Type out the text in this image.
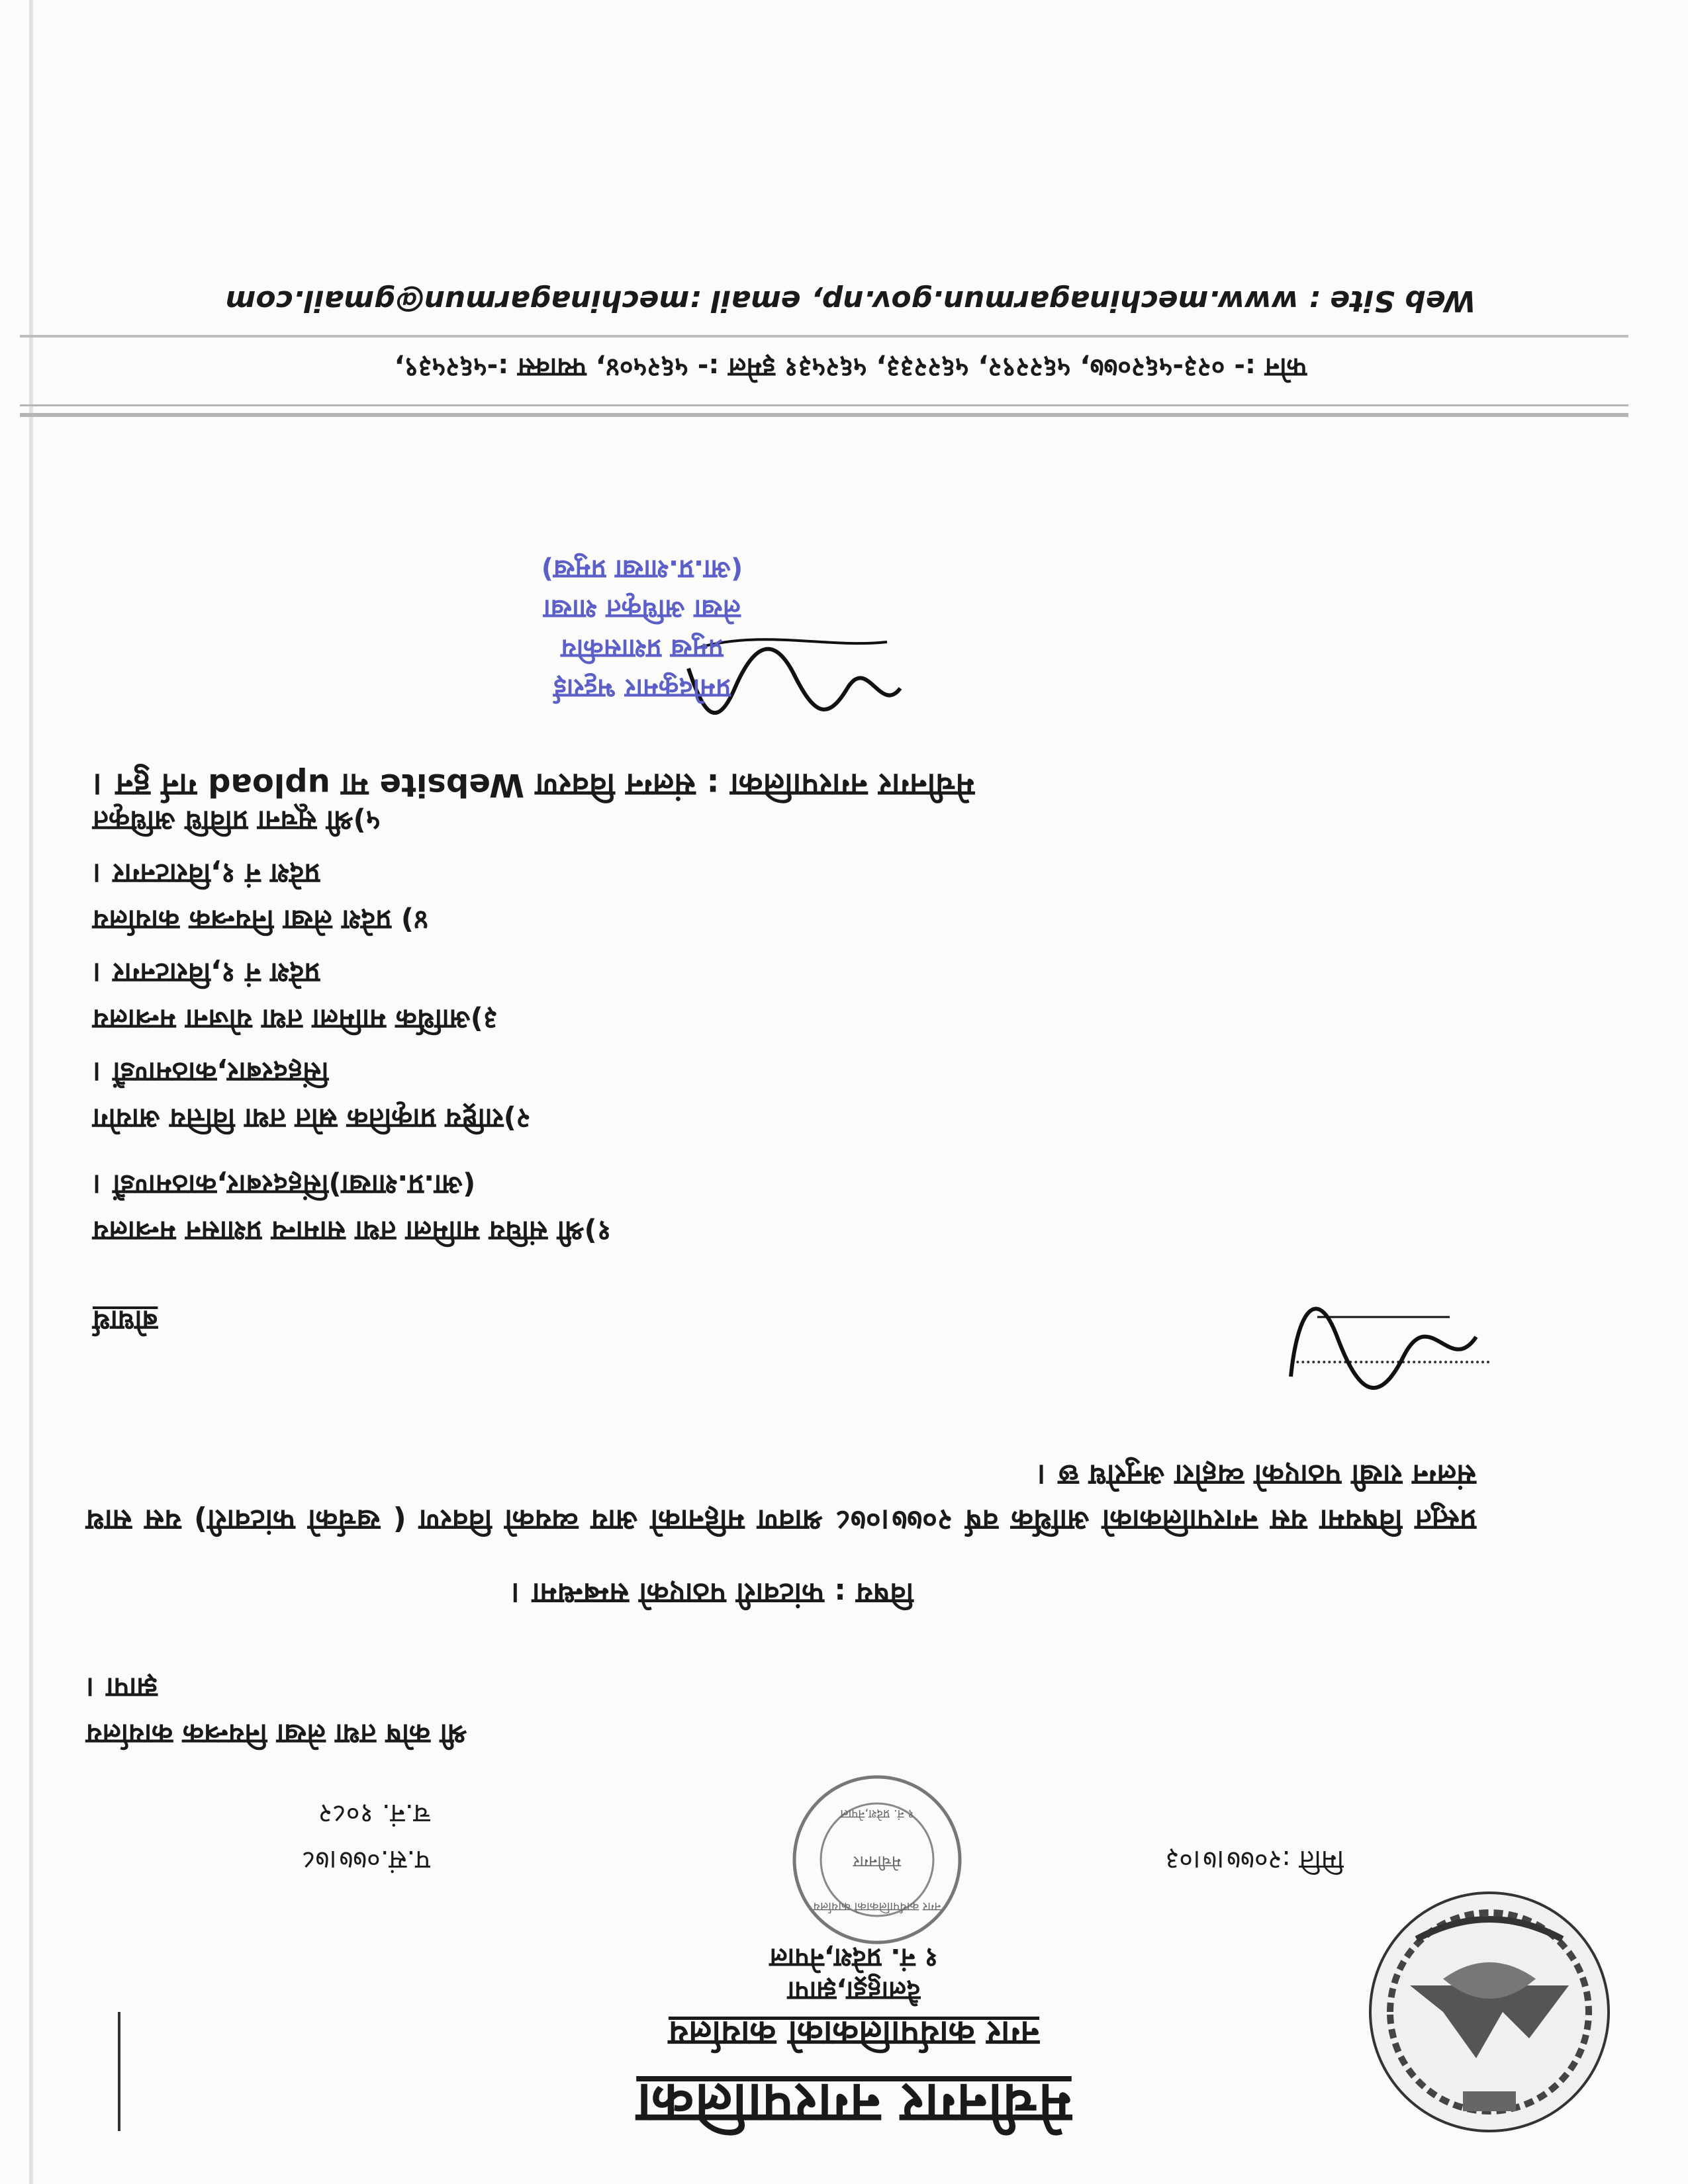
मेचीनगर नगरपालिका
नगर कार्यपालिकाको कार्यालय
दैलाहुड्रा,झापा
१ नं. प्रदेश,नेपाल
नगर कार्यपालिकाको कार्यालय
मेचीनगर
१ नं. प्रदेश,नेपाल
प.सं.०७७।७८	मिति :२०७७।७।०३
च.नं. १०८२
श्री कोष तथा लेखा नियन्त्रक कार्यालय
झापा ।
विषय : फांटवारी पठाएको सम्बन्धमा ।
प्रस्तुत विषयमा यस नगरपालिकाको आर्थिक वर्ष २०७७।०७८ श्रावण महिनाको आय व्ययको विवरण ( खर्चको फांटवारी) यस साथ संलग्न राखी पठाएको व्यहोरा अनुरोध छ ।
बोधार्थ
१)श्री संघिय मामिला तथा सामान्य प्रशासन मन्त्रालय
(आ.प्र.शाखा)सिंहदरबार,काठमाण्डौं ।
२)राष्ट्रिय प्राकृतिक स्रोत तथा वित्तिय आयोग
सिंहदरबार,काठमाण्डौं ।
३)आर्थिक मामिला तथा योजना मन्त्रालय
प्रदेश नं १,विराटनगर ।
४) प्रदेश लेखा नियन्त्रक कार्यालय
प्रदेश नं १,विराटनगर ।
५)श्री सूचना प्रविधि अधिकृत
मेचीनगर नगरपालिका : संलग्न विवरण Website मा upload गर्न हुन ।
प्रमोदकुमार भट्टराई
प्रमुख प्रशासकीय
लेखा अधिकृत शाखा
(आ.प्र.शाखा प्रमुख)
फोन :- ०२३-५६२०७७, ५६२२९२, ५६२२३३, ५६२५३१ इमेल :- ५६२५०४, फ्याक्स :-५६२५३९,
Web Site : www.mechinagarmun.gov.np, email :mechinagarmun@gmail.com
